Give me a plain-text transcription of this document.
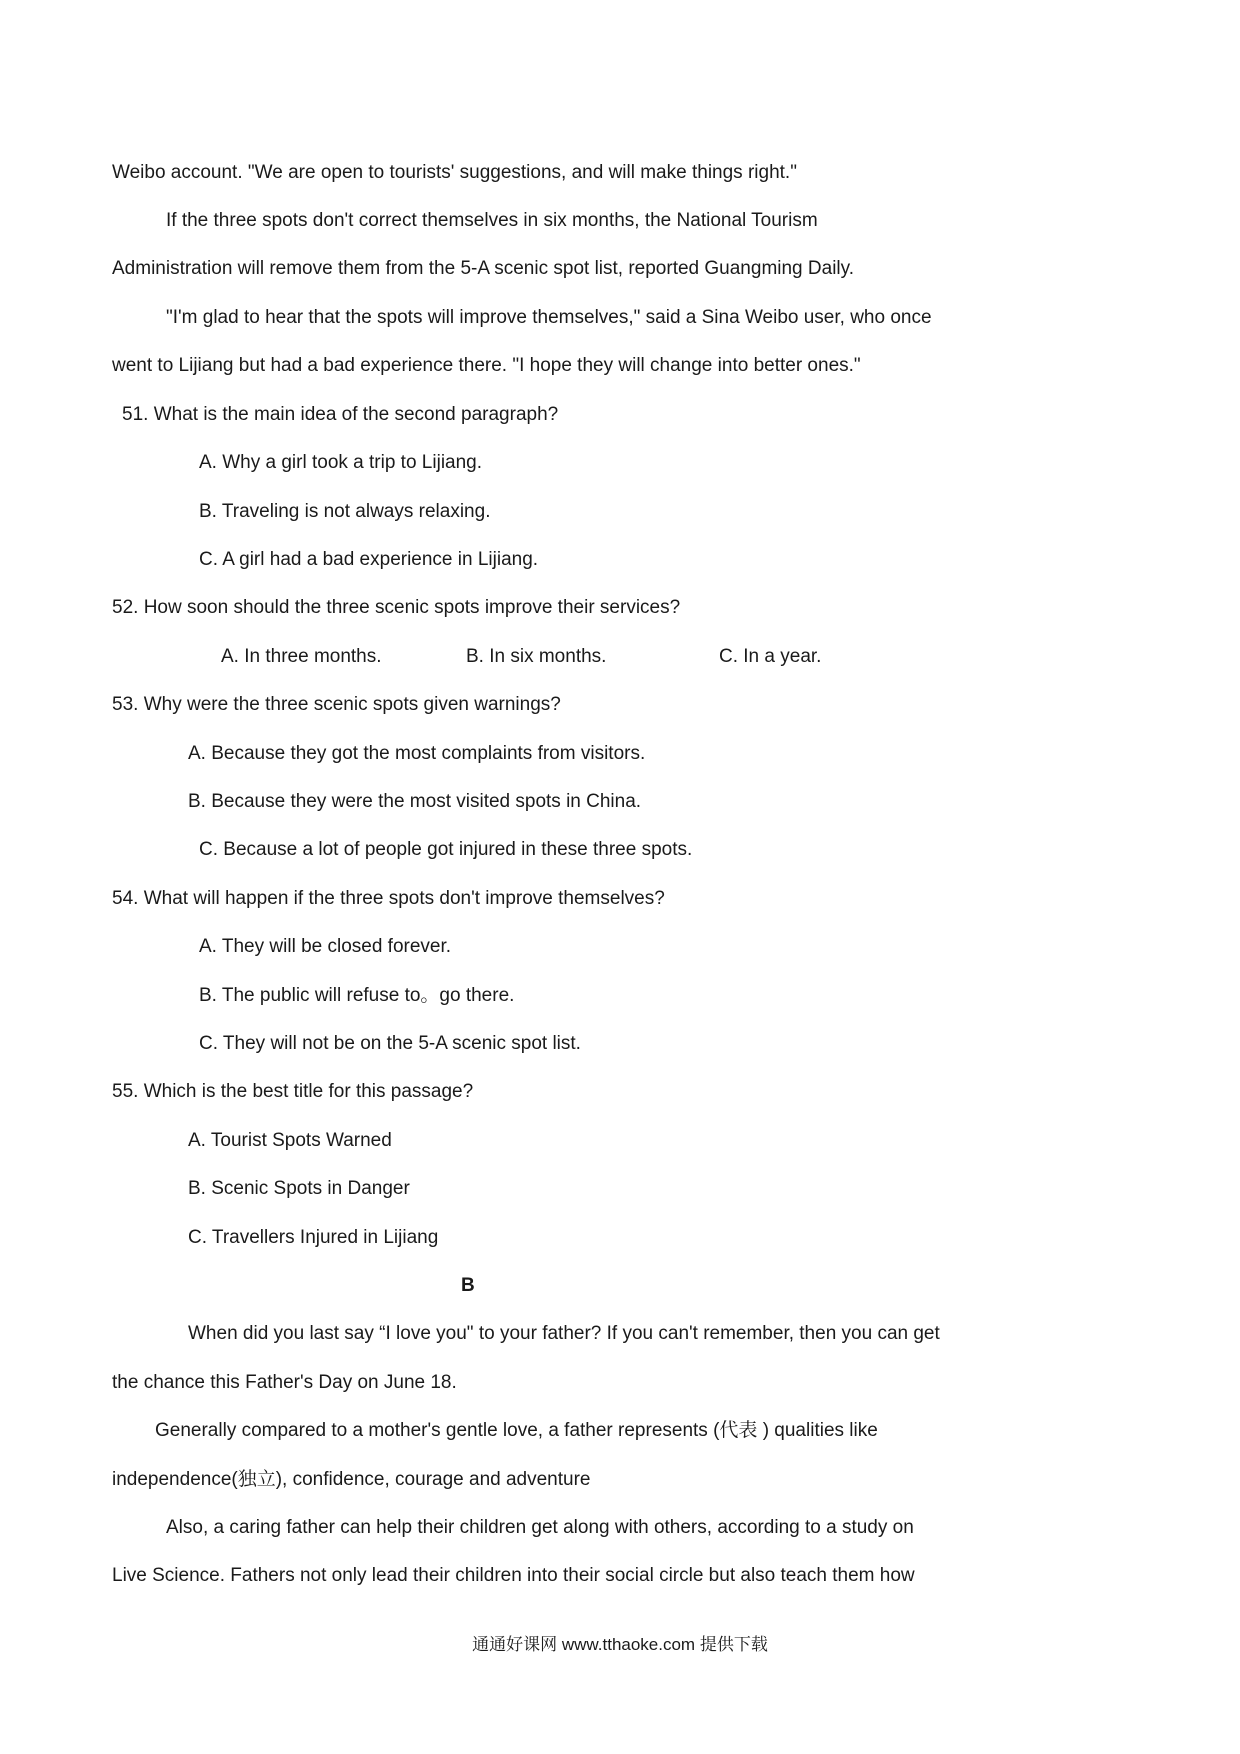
Weibo account. "We are open to tourists' suggestions, and will make things right."
If the three spots don't correct themselves in six months, the National Tourism
Administration will remove them from the 5-A scenic spot list, reported Guangming Daily.
"I'm glad to hear that the spots will improve themselves," said a Sina Weibo user, who once
went to Lijiang but had a bad experience there. "I hope they will change into better ones."
51. What is the main idea of the second paragraph?
A. Why a girl took a trip to Lijiang.
B. Traveling is not always relaxing.
C. A girl had a bad experience in Lijiang.
52. How soon should the three scenic spots improve their services?
A. In three months.	B. In six months.	C. In a year.
53. Why were the three scenic spots given warnings?
A. Because they got the most complaints from visitors.
B. Because they were the most visited spots in China.
C. Because a lot of people got injured in these three spots.
54. What will happen if the three spots don't improve themselves?
A. They will be closed forever.
B. The public will refuse to。go there.
C. They will not be on the 5-A scenic spot list.
55. Which is the best title for this passage?
A. Tourist Spots Warned
B. Scenic Spots in Danger
C. Travellers Injured in Lijiang
B
When did you last say “I love you" to your father? If you can't remember, then you can get
the chance this Father's Day on June 18.
Generally compared to a mother's gentle love, a father represents (代表 ) qualities like
independence(独立), confidence, courage and adventure
Also, a caring father can help their children get along with others, according to a study on
Live Science. Fathers not only lead their children into their social circle but also teach them how
通通好课网 www.tthaoke.com 提供下载
